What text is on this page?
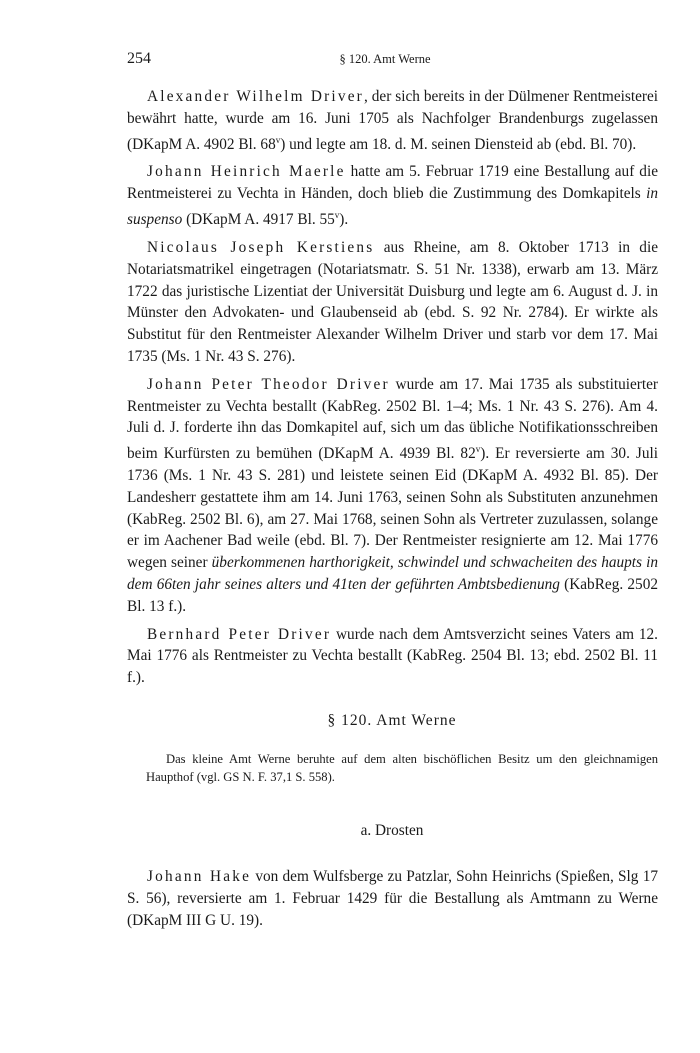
254	§ 120. Amt Werne

Alexander Wilhelm Driver, der sich bereits in der Dülmener Rentmeisterei bewährt hatte, wurde am 16. Juni 1705 als Nachfolger Brandenburgs zugelassen (DKapM A. 4902 Bl. 68$^v$) und legte am 18. d. M. seinen Diensteid ab (ebd. Bl. 70).

Johann Heinrich Maerle hatte am 5. Februar 1719 eine Bestallung auf die Rentmeisterei zu Vechta in Händen, doch blieb die Zustimmung des Domkapitels in suspenso (DKapM A. 4917 Bl. 55$^v$).

Nicolaus Joseph Kerstiens aus Rheine, am 8. Oktober 1713 in die Notariatsmatrikel eingetragen (Notariatsmatr. S. 51 Nr. 1338), erwarb am 13. März 1722 das juristische Lizentiat der Universität Duisburg und legte am 6. August d. J. in Münster den Advokaten- und Glaubenseid ab (ebd. S. 92 Nr. 2784). Er wirkte als Substitut für den Rentmeister Alexander Wilhelm Driver und starb vor dem 17. Mai 1735 (Ms. 1 Nr. 43 S. 276).

Johann Peter Theodor Driver wurde am 17. Mai 1735 als substituierter Rentmeister zu Vechta bestallt (KabReg. 2502 Bl. 1–4; Ms. 1 Nr. 43 S. 276). Am 4. Juli d. J. forderte ihn das Domkapitel auf, sich um das übliche Notifikationsschreiben beim Kurfürsten zu bemühen (DKapM A. 4939 Bl. 82$^v$). Er reversierte am 30. Juli 1736 (Ms. 1 Nr. 43 S. 281) und leistete seinen Eid (DKapM A. 4932 Bl. 85). Der Landesherr gestattete ihm am 14. Juni 1763, seinen Sohn als Substituten anzunehmen (KabReg. 2502 Bl. 6), am 27. Mai 1768, seinen Sohn als Vertreter zuzulassen, solange er im Aachener Bad weile (ebd. Bl. 7). Der Rentmeister resignierte am 12. Mai 1776 wegen seiner überkommenen harthorigkeit, schwindel und schwacheiten des haupts in dem 66ten jahr seines alters und 41ten der geführten Ambtsbedienung (KabReg. 2502 Bl. 13 f.).

Bernhard Peter Driver wurde nach dem Amtsverzicht seines Vaters am 12. Mai 1776 als Rentmeister zu Vechta bestallt (KabReg. 2504 Bl. 13; ebd. 2502 Bl. 11 f.).

§ 120. Amt Werne

Das kleine Amt Werne beruhte auf dem alten bischöflichen Besitz um den gleichnamigen Haupthof (vgl. GS N. F. 37,1 S. 558).

a. Drosten

Johann Hake von dem Wulfsberge zu Patzlar, Sohn Heinrichs (Spießen, Slg 17 S. 56), reversierte am 1. Februar 1429 für die Bestallung als Amtmann zu Werne (DKapM III G U. 19).
